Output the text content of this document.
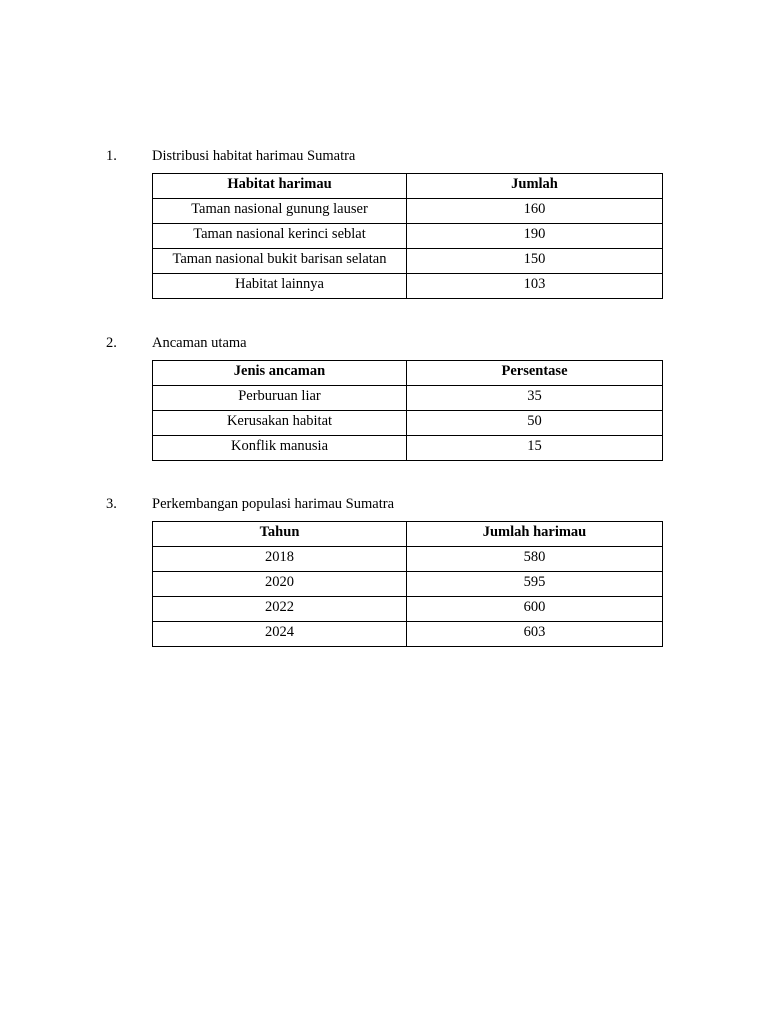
1. Distribusi habitat harimau Sumatra
Habitat harimau	Jumlah
Taman nasional gunung lauser	160
Taman nasional kerinci seblat	190
Taman nasional bukit barisan selatan	150
Habitat lainnya	103
2. Ancaman utama
Jenis ancaman	Persentase
Perburuan liar	35
Kerusakan habitat	50
Konflik manusia	15
3. Perkembangan populasi harimau Sumatra
Tahun	Jumlah harimau
2018	580
2020	595
2022	600
2024	603
